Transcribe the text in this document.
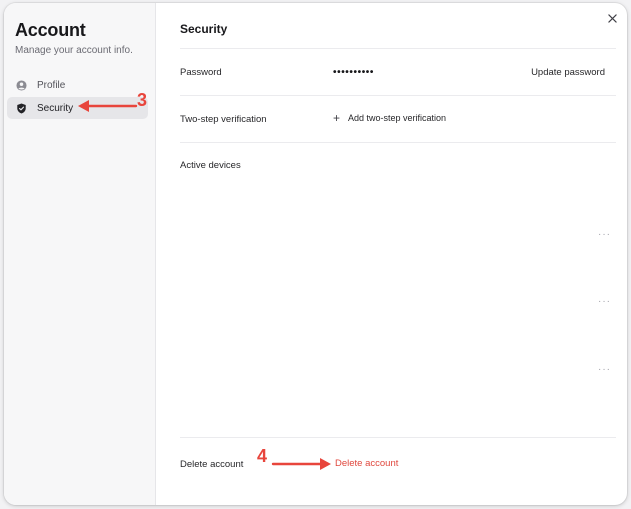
Account
Manage your account info.
Profile
Security
Security
Password	••••••••••	Update password
Two-step verification	+ Add two-step verification
Active devices
···
···
···
Delete account	Delete account
3
4
